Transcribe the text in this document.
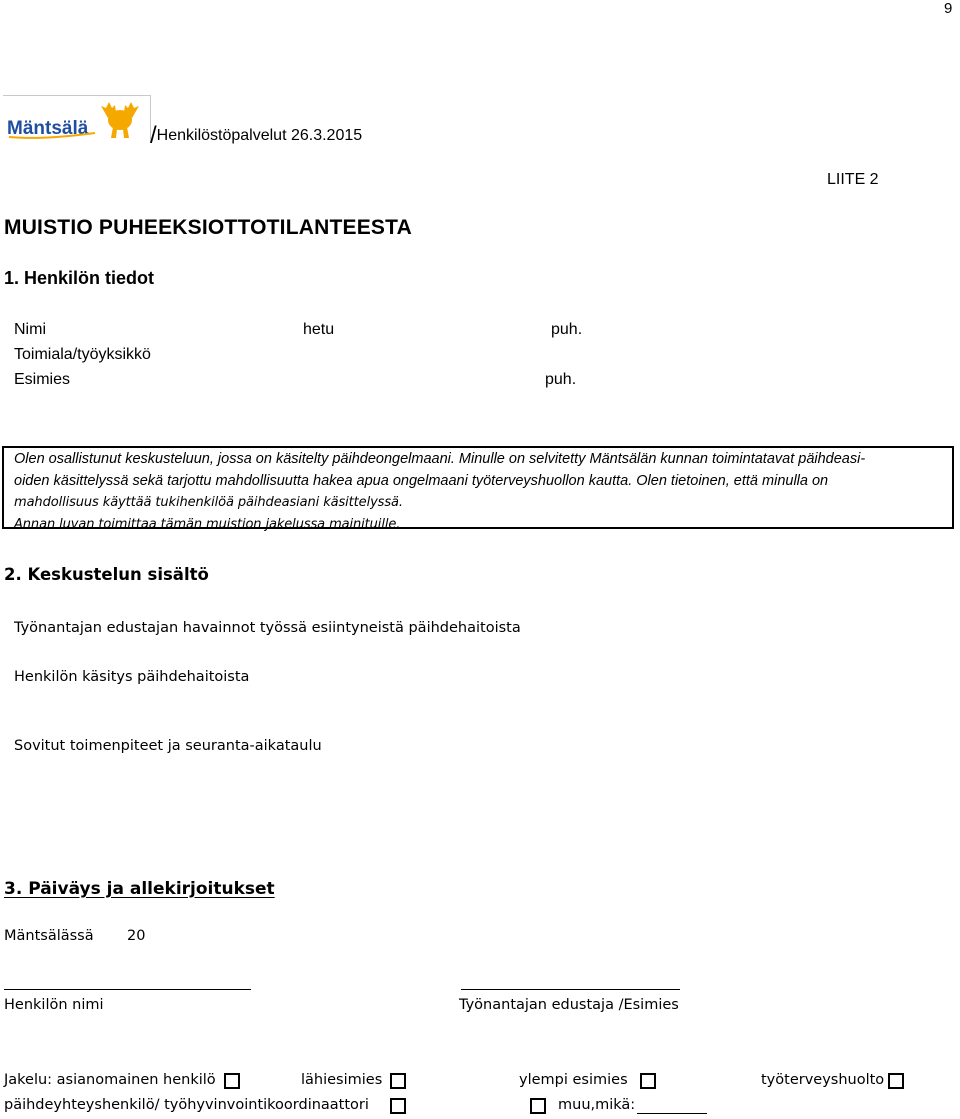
9
Mäntsälä	/Henkilöstöpalvelut 26.3.2015
LIITE 2
MUISTIO PUHEEKSIOTTOTILANTEESTA
1. Henkilön tiedot
Nimi	hetu	puh.
Toimiala/työyksikkö
Esimies	puh.
Olen osallistunut keskusteluun, jossa on käsitelty päihdeongelmaani. Minulle on selvitetty Mäntsälän kunnan toimintatavat päihdeasi-
oiden käsittelyssä sekä tarjottu mahdollisuutta hakea apua ongelmaani työterveyshuollon kautta. Olen tietoinen, että minulla on
mahdollisuus käyttää tukihenkilöä päihdeasiani käsittelyssä.
Annan luvan toimittaa tämän muistion jakelussa mainituille.
2. Keskustelun sisältö
Työnantajan edustajan havainnot työssä esiintyneistä päihdehaitoista
Henkilön käsitys päihdehaitoista
Sovitut toimenpiteet ja seuranta-aikataulu
3. Päiväys ja allekirjoitukset
Mäntsälässä 20
Henkilön nimi	Työnantajan edustaja /Esimies
Jakelu: asianomainen henkilö	lähiesimies	ylempi esimies	työterveyshuolto
päihdeyhteyshenkilö/ työhyvinvointikoordinaattori	muu,mikä:
